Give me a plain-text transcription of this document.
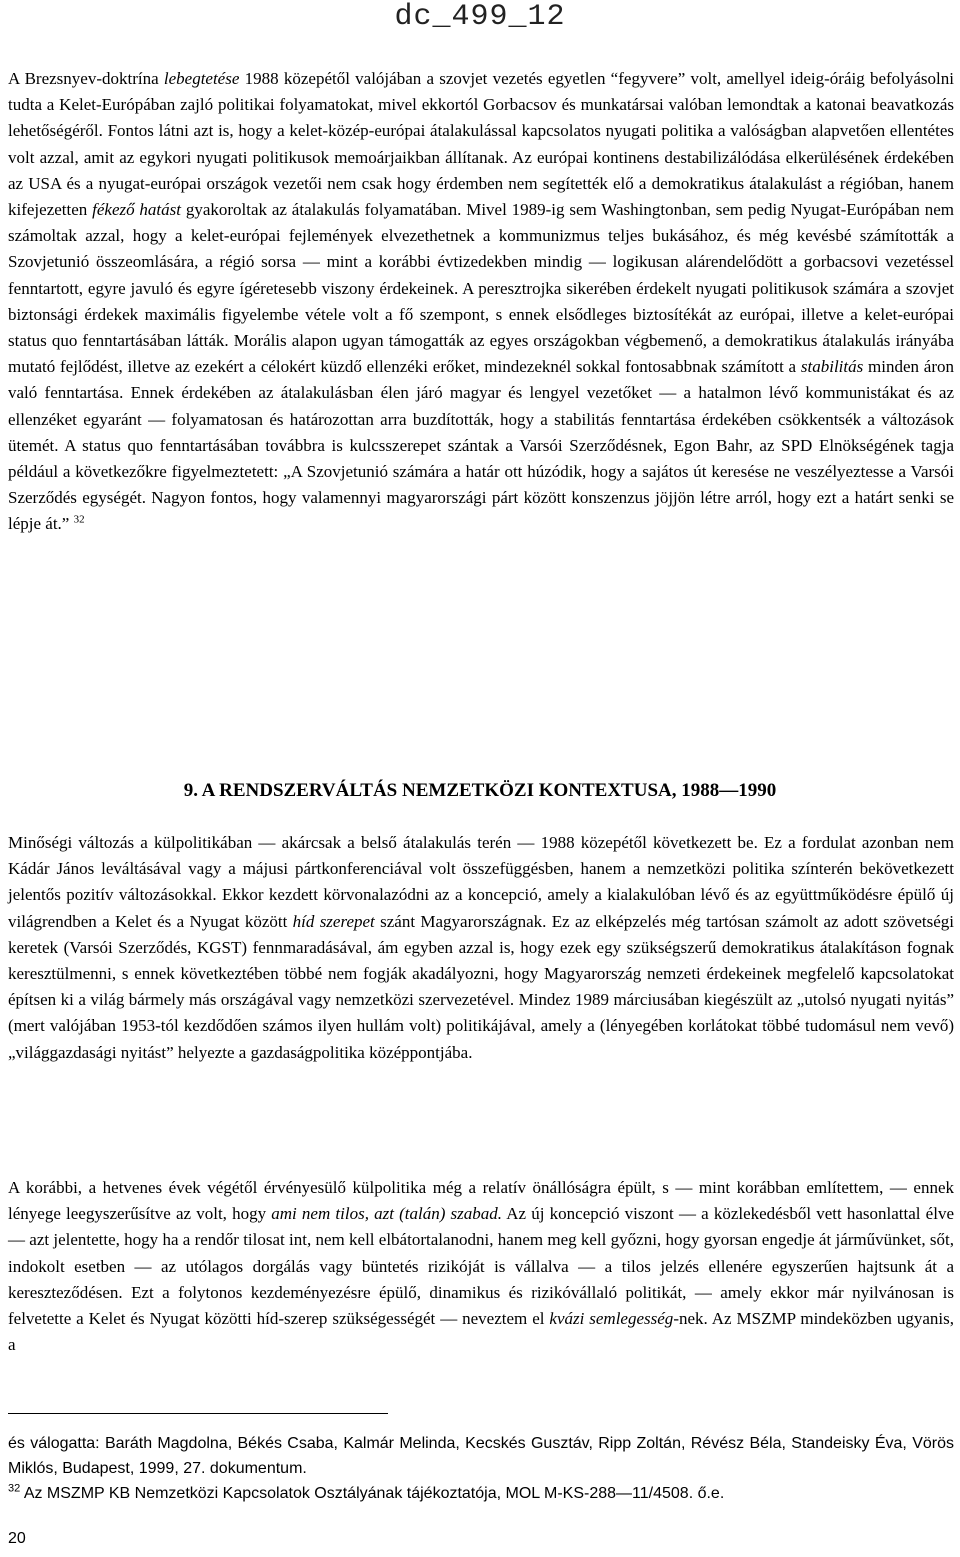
dc_499_12

A Brezsnyev-doktrína lebegtetése 1988 közepétől valójában a szovjet vezetés egyetlen “fegyvere” volt, amellyel ideig-óráig befolyásolni tudta a Kelet-Európában zajló politikai folyamatokat, mivel ekkortól Gorbacsov és munkatársai valóban lemondtak a katonai beavatkozás lehetőségéről. Fontos látni azt is, hogy a kelet-közép-európai átalakulással kapcsolatos nyugati politika a valóságban alapvetően ellentétes volt azzal, amit az egykori nyugati politikusok memoárjaikban állítanak. Az európai kontinens destabilizálódása elkerülésének érdekében az USA és a nyugat-európai országok vezetői nem csak hogy érdemben nem segítették elő a demokratikus átalakulást a régióban, hanem kifejezetten fékező hatást gyakoroltak az átalakulás folyamatában. Mivel 1989-ig sem Washingtonban, sem pedig Nyugat-Európában nem számoltak azzal, hogy a kelet-európai fejlemények elvezethetnek a kommunizmus teljes bukásához, és még kevésbé számították a Szovjetunió összeomlására, a régió sorsa — mint a korábbi évtizedekben mindig — logikusan alárendelődött a gorbacsovi vezetéssel fenntartott, egyre javuló és egyre ígéretesebb viszony érdekeinek. A peresztrojka sikerében érdekelt nyugati politikusok számára a szovjet biztonsági érdekek maximális figyelembe vétele volt a fő szempont, s ennek elsődleges biztosítékát az európai, illetve a kelet-európai status quo fenntartásában látták. Morális alapon ugyan támogatták az egyes országokban végbemenő, a demokratikus átalakulás irányába mutató fejlődést, illetve az ezekért a célokért küzdő ellenzéki erőket, mindezeknél sokkal fontosabbnak számított a stabilitás minden áron való fenntartása. Ennek érdekében az átalakulásban élen járó magyar és lengyel vezetőket — a hatalmon lévő kommunistákat és az ellenzéket egyaránt — folyamatosan és határozottan arra buzdították, hogy a stabilitás fenntartása érdekében csökkentsék a változások ütemét. A status quo fenntartásában továbbra is kulcsszerepet szántak a Varsói Szerződésnek, Egon Bahr, az SPD Elnökségének tagja például a következőkre figyelmeztetett: „A Szovjetunió számára a határ ott húzódik, hogy a sajátos út keresése ne veszélyeztesse a Varsói Szerződés egységét. Nagyon fontos, hogy valamennyi magyarországi párt között konszenzus jöjjön létre arról, hogy ezt a határt senki se lépje át.” $^{32}$

9. A RENDSZERVÁLTÁS NEMZETKÖZI KONTEXTUSA, 1988—1990

Minőségi változás a külpolitikában — akárcsak a belső átalakulás terén — 1988 közepétől következett be. Ez a fordulat azonban nem Kádár János leváltásával vagy a májusi pártkonferenciával volt összefüggésben, hanem a nemzetközi politika színterén bekövetkezett jelentős pozitív változásokkal. Ekkor kezdett körvonalazódni az a koncepció, amely a kialakulóban lévő és az együttműködésre épülő új világrendben a Kelet és a Nyugat között híd szerepet szánt Magyarországnak. Ez az elképzelés még tartósan számolt az adott szövetségi keretek (Varsói Szerződés, KGST) fennmaradásával, ám egyben azzal is, hogy ezek egy szükségszerű demokratikus átalakításon fognak keresztülmenni, s ennek következtében többé nem fogják akadályozni, hogy Magyarország nemzeti érdekeinek megfelelő kapcsolatokat építsen ki a világ bármely más országával vagy nemzetközi szervezetével. Mindez 1989 márciusában kiegészült az „utolsó nyugati nyitás” (mert valójában 1953-tól kezdődően számos ilyen hullám volt) politikájával, amely a (lényegében korlátokat többé tudomásul nem vevő) „világgazdasági nyitást” helyezte a gazdaságpolitika középpontjába.

A korábbi, a hetvenes évek végétől érvényesülő külpolitika még a relatív önállóságra épült, s — mint korábban említettem, — ennek lényege leegyszerűsítve az volt, hogy ami nem tilos, azt (talán) szabad. Az új koncepció viszont — a közlekedésből vett hasonlattal élve — azt jelentette, hogy ha a rendőr tilosat int, nem kell elbátortalanodni, hanem meg kell győzni, hogy gyorsan engedje át járművünket, sőt, indokolt esetben — az utólagos dorgálás vagy büntetés rizikóját is vállalva — a tilos jelzés ellenére egyszerűen hajtsunk át a kereszteződésen. Ezt a folytonos kezdeményezésre épülő, dinamikus és rizikóvállaló politikát, — amely ekkor már nyilvánosan is felvetette a Kelet és Nyugat közötti híd-szerep szükségességét — neveztem el kvázi semlegesség-nek. Az MSZMP mindeközben ugyanis, a

és válogatta: Baráth Magdolna, Békés Csaba, Kalmár Melinda, Kecskés Gusztáv, Ripp Zoltán, Révész Béla, Standeisky Éva, Vörös Miklós, Budapest, 1999, 27. dokumentum.
$^{32}$ Az MSZMP KB Nemzetközi Kapcsolatok Osztályának tájékoztatója, MOL M-KS-288—11/4508. ő.e.
20
